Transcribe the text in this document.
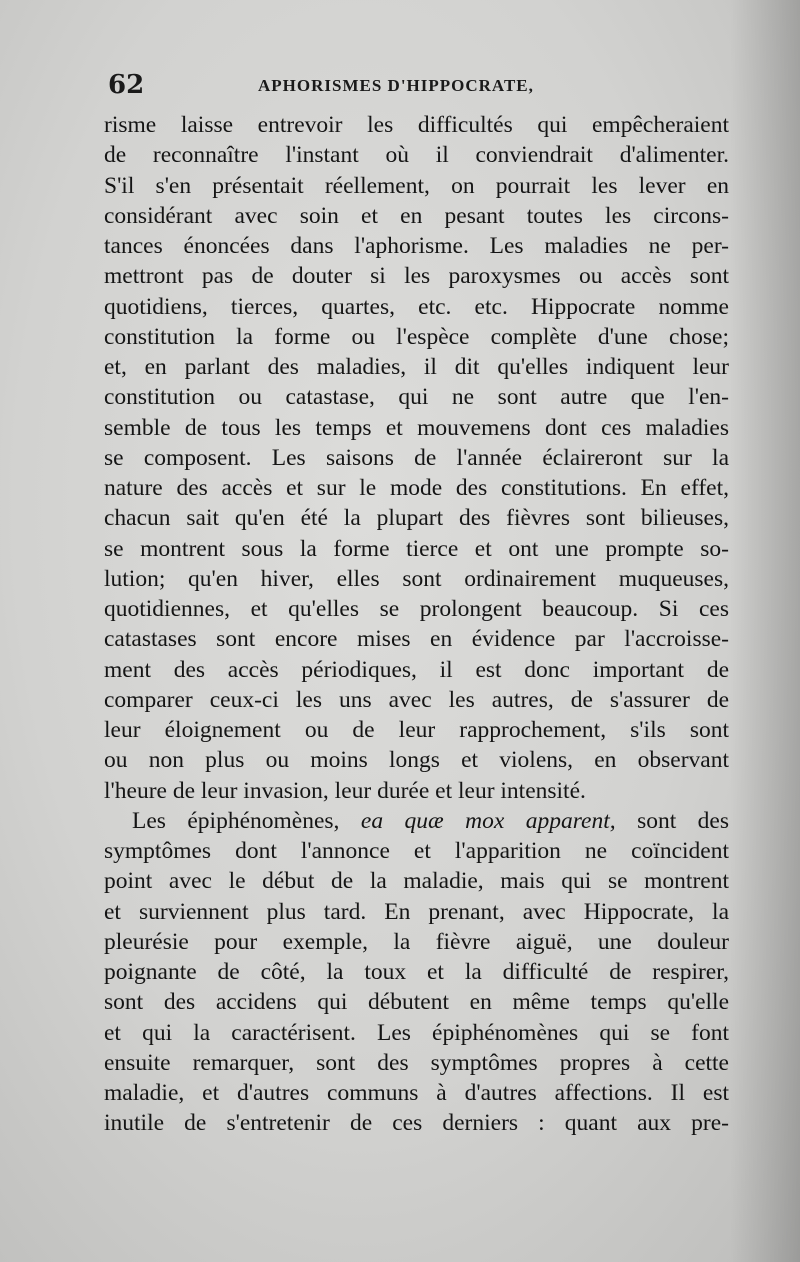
62	APHORISMES D'HIPPOCRATE,
risme laisse entrevoir les difficultés qui empêcheraient
de reconnaître l'instant où il conviendrait d'alimenter.
S'il s'en présentait réellement, on pourrait les lever en
considérant avec soin et en pesant toutes les circons-
tances énoncées dans l'aphorisme. Les maladies ne per-
mettront pas de douter si les paroxysmes ou accès sont
quotidiens, tierces, quartes, etc. etc. Hippocrate nomme
constitution la forme ou l'espèce complète d'une chose;
et, en parlant des maladies, il dit qu'elles indiquent leur
constitution ou catastase, qui ne sont autre que l'en-
semble de tous les temps et mouvemens dont ces maladies
se composent. Les saisons de l'année éclaireront sur la
nature des accès et sur le mode des constitutions. En effet,
chacun sait qu'en été la plupart des fièvres sont bilieuses,
se montrent sous la forme tierce et ont une prompte so-
lution; qu'en hiver, elles sont ordinairement muqueuses,
quotidiennes, et qu'elles se prolongent beaucoup. Si ces
catastases sont encore mises en évidence par l'accroisse-
ment des accès périodiques, il est donc important de
comparer ceux-ci les uns avec les autres, de s'assurer de
leur éloignement ou de leur rapprochement, s'ils sont
ou non plus ou moins longs et violens, en observant
l'heure de leur invasion, leur durée et leur intensité.
Les épiphénomènes, ea quæ mox apparent, sont des
symptômes dont l'annonce et l'apparition ne coïncident
point avec le début de la maladie, mais qui se montrent
et surviennent plus tard. En prenant, avec Hippocrate, la
pleurésie pour exemple, la fièvre aiguë, une douleur
poignante de côté, la toux et la difficulté de respirer,
sont des accidens qui débutent en même temps qu'elle
et qui la caractérisent. Les épiphénomènes qui se font
ensuite remarquer, sont des symptômes propres à cette
maladie, et d'autres communs à d'autres affections. Il est
inutile de s'entretenir de ces derniers : quant aux pre-
